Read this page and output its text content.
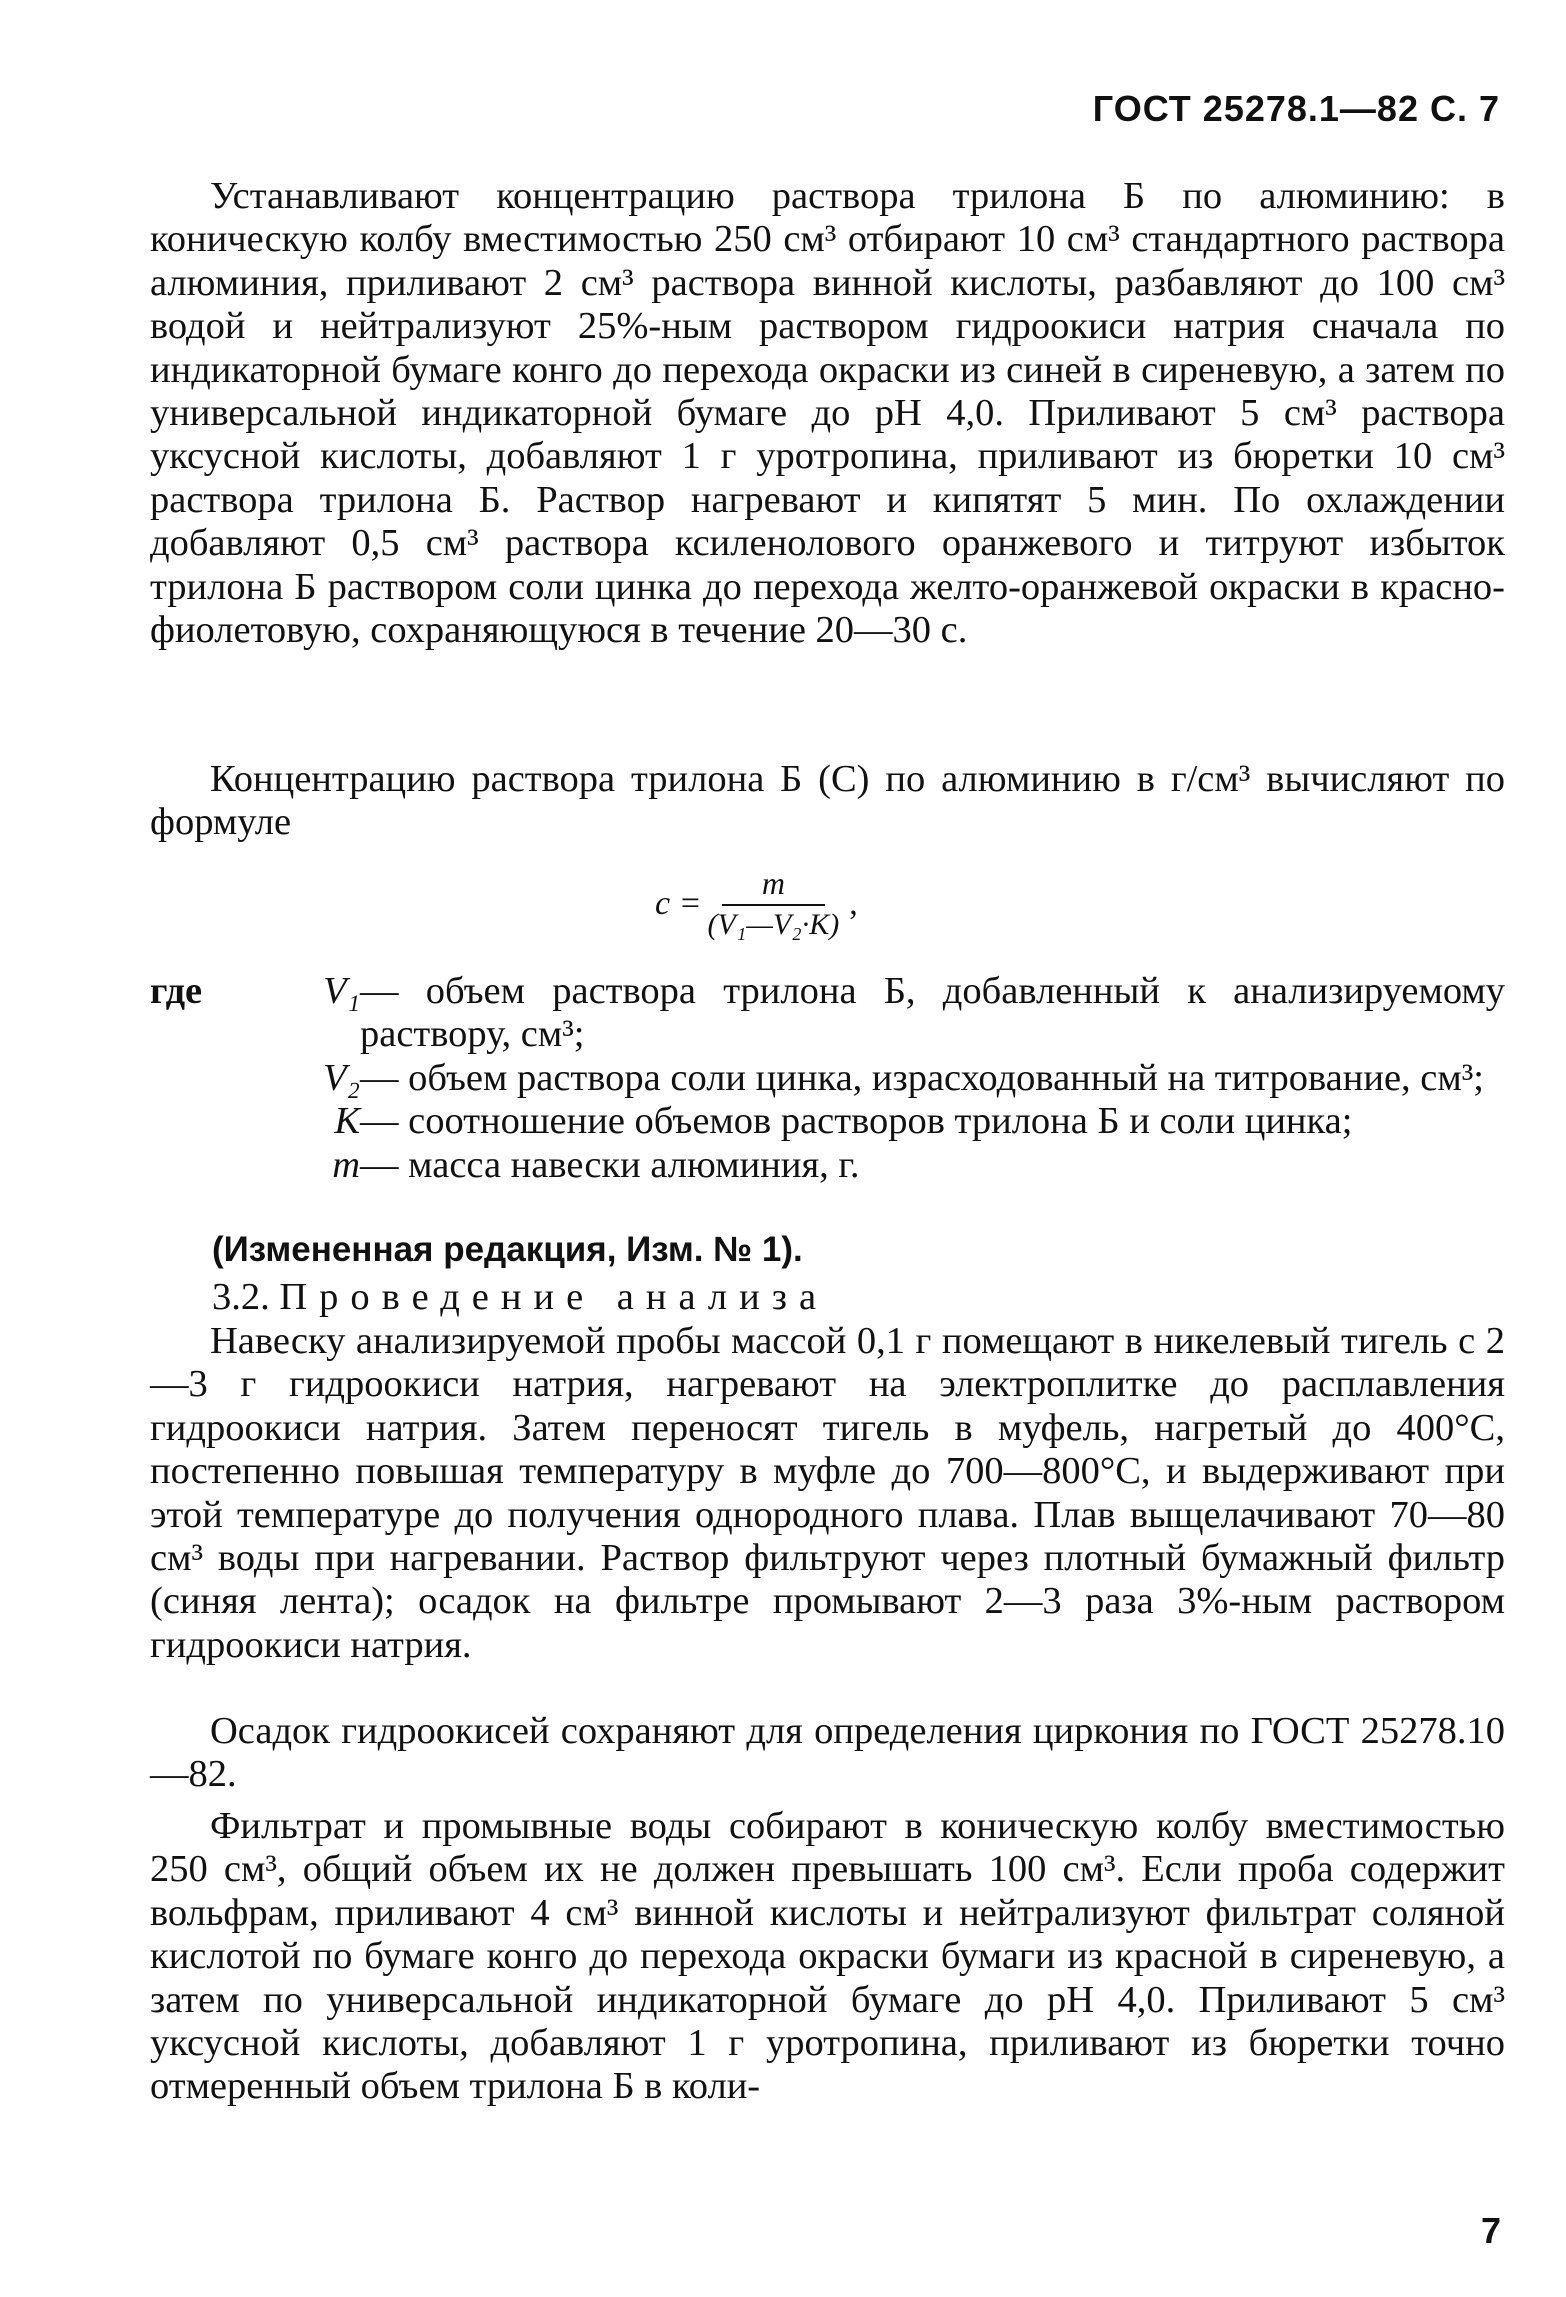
ГОСТ 25278.1—82 С. 7

Устанавливают концентрацию раствора трилона Б по алюминию: в коническую колбу вместимостью 250 см³ отбирают 10 см³ стандартного раствора алюминия, приливают 2 см³ раствора винной кислоты, разбавляют до 100 см³ водой и нейтрализуют 25%-ным раствором гидроокиси натрия сначала по индикаторной бумаге конго до перехода окраски из синей в сиреневую, а затем по универсальной индикаторной бумаге до pH 4,0. Приливают 5 см³ раствора уксусной кислоты, добавляют 1 г уротропина, приливают из бюретки 10 см³ раствора трилона Б. Раствор нагревают и кипятят 5 мин. По охлаждении добавляют 0,5 см³ раствора ксиленолового оранжевого и титруют избыток трилона Б раствором соли цинка до перехода желто-оранжевой окраски в красно-фиолетовую, сохраняющуюся в течение 20—30 с.

Концентрацию раствора трилона Б (C) по алюминию в г/см³ вычисляют по формуле

$c = \frac{m}{\text{(V₁—V₂·K)}}$ ,
где	V₁ — объем раствора трилона Б, добавленный к анализируемому раствору, см³;
V₂ — объем раствора соли цинка, израсходованный на титрование, см³;
K — соотношение объемов растворов трилона Б и соли цинка;
m — масса навески алюминия, г.
(Измененная редакция, Изм. № 1).
3.2. Проведение анализа

Навеску анализируемой пробы массой 0,1 г помещают в никелевый тигель с 2—3 г гидроокиси натрия, нагревают на электроплитке до расплавления гидроокиси натрия. Затем переносят тигель в муфель, нагретый до 400°С, постепенно повышая температуру в муфле до 700—800°С, и выдерживают при этой температуре до получения однородного плава. Плав выщелачивают 70—80 см³ воды при нагревании. Раствор фильтруют через плотный бумажный фильтр (синяя лента); осадок на фильтре промывают 2—3 раза 3%-ным раствором гидроокиси натрия.

Осадок гидроокисей сохраняют для определения циркония по ГОСТ 25278.10—82.

Фильтрат и промывные воды собирают в коническую колбу вместимостью 250 см³, общий объем их не должен превышать 100 см³. Если проба содержит вольфрам, приливают 4 см³ винной кислоты и нейтрализуют фильтрат соляной кислотой по бумаге конго до перехода окраски бумаги из красной в сиреневую, а затем по универсальной индикаторной бумаге до pH 4,0. Приливают 5 см³ уксусной кислоты, добавляют 1 г уротропина, приливают из бюретки точно отмеренный объем трилона Б в коли-

7
